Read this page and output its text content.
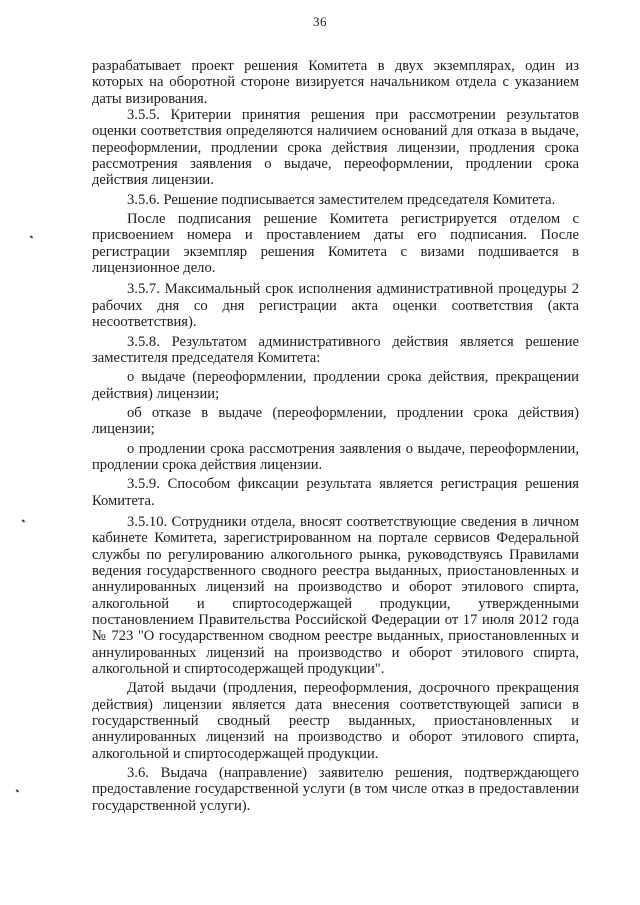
36

разрабатывает проект решения Комитета в двух экземплярах, один из которых на оборотной стороне визируется начальником отдела с указанием даты визирования.

3.5.5. Критерии принятия решения при рассмотрении результатов оценки соответствия определяются наличием оснований для отказа в выдаче, переоформлении, продлении срока действия лицензии, продления срока рассмотрения заявления о выдаче, переоформлении, продлении срока действия лицензии.

3.5.6. Решение подписывается заместителем председателя Комитета.

После подписания решение Комитета регистрируется отделом с присвоением номера и проставлением даты его подписания. После регистрации экземпляр решения Комитета с визами подшивается в лицензионное дело.

3.5.7. Максимальный срок исполнения административной процедуры 2 рабочих дня со дня регистрации акта оценки соответствия (акта несоответствия).

3.5.8. Результатом административного действия является решение заместителя председателя Комитета:

о выдаче (переоформлении, продлении срока действия, прекращении действия) лицензии;

об отказе в выдаче (переоформлении, продлении срока действия) лицензии;

о продлении срока рассмотрения заявления о выдаче, переоформлении, продлении срока действия лицензии.

3.5.9. Способом фиксации результата является регистрация решения Комитета.

3.5.10. Сотрудники отдела, вносят соответствующие сведения в личном кабинете Комитета, зарегистрированном на портале сервисов Федеральной службы по регулированию алкогольного рынка, руководствуясь Правилами ведения государственного сводного реестра выданных, приостановленных и аннулированных лицензий на производство и оборот этилового спирта, алкогольной и спиртосодержащей продукции, утвержденными постановлением Правительства Российской Федерации от 17 июля 2012 года № 723 "О государственном сводном реестре выданных, приостановленных и аннулированных лицензий на производство и оборот этилового спирта, алкогольной и спиртосодержащей продукции".

Датой выдачи (продления, переоформления, досрочного прекращения действия) лицензии является дата внесения соответствующей записи в государственный сводный реестр выданных, приостановленных и аннулированных лицензий на производство и оборот этилового спирта, алкогольной и спиртосодержащей продукции.

3.6. Выдача (направление) заявителю решения, подтверждающего предоставление государственной услуги (в том числе отказ в предоставлении государственной услуги).
